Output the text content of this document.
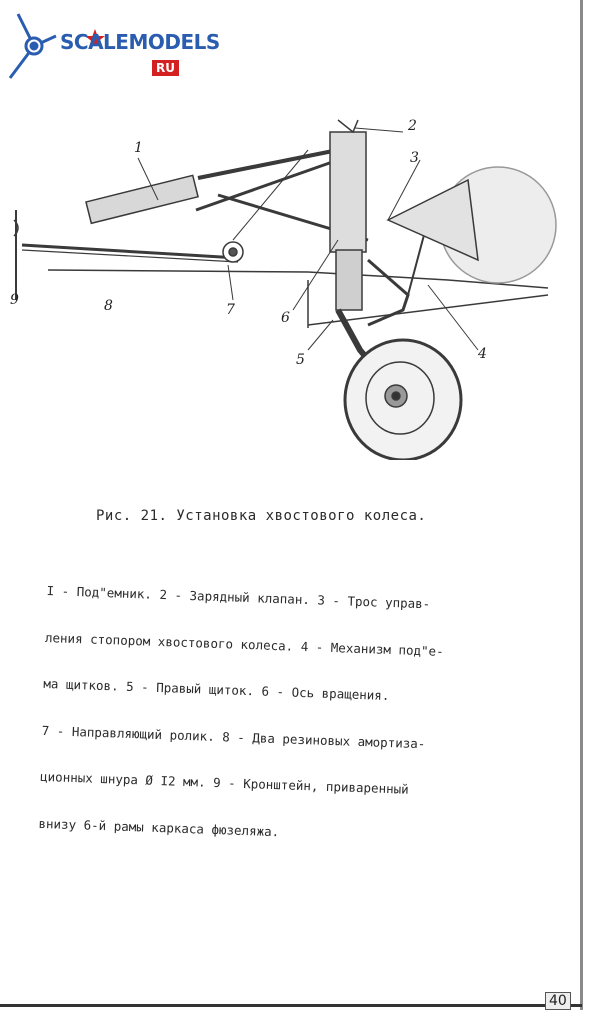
SCALEMODELS
RU
1
2
3
4
5
6
7
8
9
Рис. 21. Установка хвостового колеса.

I - Под"емник. 2 - Зарядный клапан. 3 - Трос управ-

ления стопором хвостового колеса. 4 - Механизм под"е-

ма щитков. 5 - Правый щиток. 6 - Ось вращения.

7 - Направляющий ролик. 8 - Два резиновых амортиза-

ционных шнура Ø I2 мм. 9 - Кронштейн, приваренный

внизу 6-й рамы каркаса фюзеляжа.

40
